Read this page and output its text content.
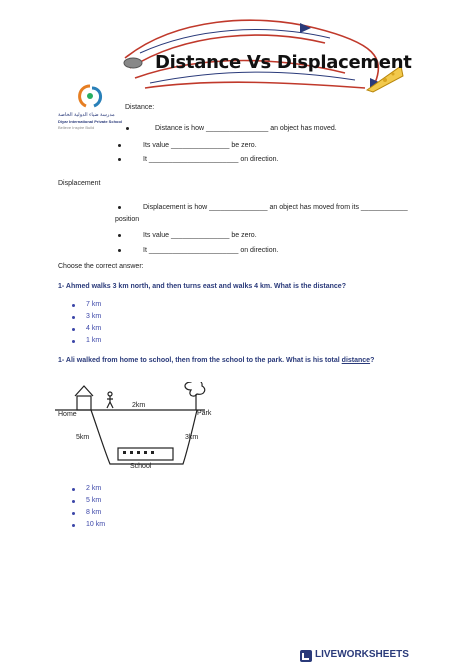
Distance Vs Displacement
مدرسة ضياء الدولية الخاصة
Diyar International Private School
Believe Inspire Build
Distance:
Distance is how ________________ an object has moved.
Its value _______________ be zero.
It _______________________ on direction.
Displacement
Displacement is how _______________ an object has moved from its ____________
position
Its value _______________ be zero.
It _______________________ on direction.
Choose the correct answer:
1- Ahmed walks 3 km north, and then turns east and walks 4 km. What is the distance?
7 km
3 km
4 km
1 km
1- Ali walked from home to school, then from the school to the park. What is his total distance?
Home	Park
School
2km
5km	3km
2 km
5 km
8 km
10 km
LIVEWORKSHEETS
